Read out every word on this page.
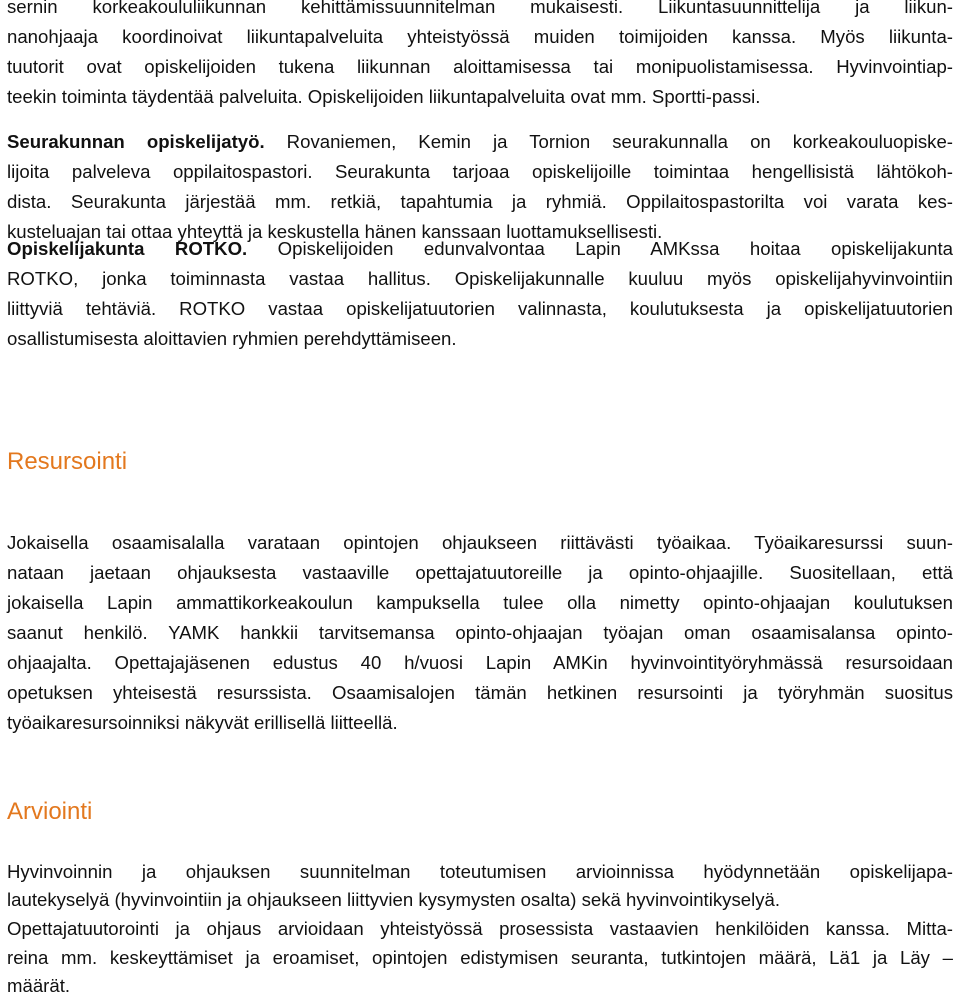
sernin korkeakoululiikunnan kehittämissuunnitelman mukaisesti. Liikuntasuunnittelija ja liikun-
nanohjaaja koordinoivat liikuntapalveluita yhteistyössä muiden toimijoiden kanssa. Myös liikunta-
tuutorit ovat opiskelijoiden tukena liikunnan aloittamisessa tai monipuolistamisessa. Hyvinvointiap-
teekin toiminta täydentää palveluita. Opiskelijoiden liikuntapalveluita ovat mm. Sportti-passi.
Seurakunnan opiskelijatyö. Rovaniemen, Kemin ja Tornion seurakunnalla on korkeakouluopiske-
lijoita palveleva oppilaitospastori. Seurakunta tarjoaa opiskelijoille toimintaa hengellisistä lähtökoh-
dista. Seurakunta järjestää mm. retkiä, tapahtumia ja ryhmiä. Oppilaitospastorilta voi varata kes-
kusteluajan tai ottaa yhteyttä ja keskustella hänen kanssaan luottamuksellisesti.
Opiskelijakunta ROTKO. Opiskelijoiden edunvalvontaa Lapin AMKssa hoitaa opiskelijakunta
ROTKO, jonka toiminnasta vastaa hallitus. Opiskelijakunnalle kuuluu myös opiskelijahyvinvointiin
liittyviä tehtäviä. ROTKO vastaa opiskelijatuutorien valinnasta, koulutuksesta ja opiskelijatuutorien
osallistumisesta aloittavien ryhmien perehdyttämiseen.
Resursointi
Jokaisella osaamisalalla varataan opintojen ohjaukseen riittävästi työaikaa. Työaikaresurssi suun-
nataan jaetaan ohjauksesta vastaaville opettajatuutoreille ja opinto-ohjaajille. Suositellaan, että
jokaisella Lapin ammattikorkeakoulun kampuksella tulee olla nimetty opinto-ohjaajan koulutuksen
saanut henkilö. YAMK hankkii tarvitsemansa opinto-ohjaajan työajan oman osaamisalansa opinto-
ohjaajalta. Opettajajäsenen edustus 40 h/vuosi Lapin AMKin hyvinvointityöryhmässä resursoidaan
opetuksen yhteisestä resurssista. Osaamisalojen tämän hetkinen resursointi ja työryhmän suositus
työaikaresursoinniksi näkyvät erillisellä liitteellä.
Arviointi
Hyvinvoinnin ja ohjauksen suunnitelman toteutumisen arvioinnissa hyödynnetään opiskelijapa-
lautekyselyä (hyvinvointiin ja ohjaukseen liittyvien kysymysten osalta) sekä hyvinvointikyselyä.
Opettajatuutorointi ja ohjaus arvioidaan yhteistyössä prosessista vastaavien henkilöiden kanssa. Mitta-
reina mm. keskeyttämiset ja eroamiset, opintojen edistymisen seuranta, tutkintojen määrä, Lä1 ja Läy –
määrät.
